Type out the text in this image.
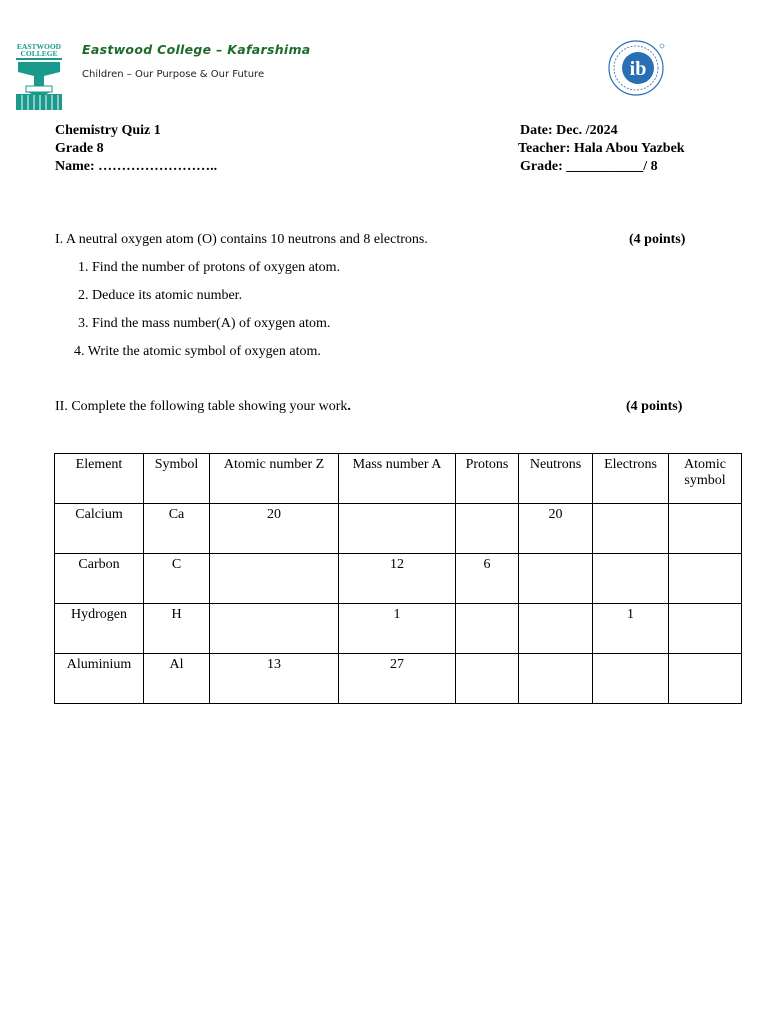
EASTWOOD
COLLEGE Eastwood College – Kafarshima
Children – Our Purpose & Our Future	ib
Chemistry Quiz 1
Grade 8
Name: ……………………..
Date: Dec. /2024
Teacher: Hala Abou Yazbek
Grade: ___________/ 8
I. A neutral oxygen atom (O) contains 10 neutrons and 8 electrons.	(4 points)
1. Find the number of protons of oxygen atom.
2. Deduce its atomic number.
3. Find the mass number(A) of oxygen atom.
4. Write the atomic symbol of oxygen atom.
II. Complete the following table showing your work.	(4 points)
Element	Symbol	Atomic number Z	Mass number A	Protons	Neutrons	Electrons	Atomic symbol
Calcium	Ca	20			20		
Carbon	C		12	6			
Hydrogen	H		1			1	
Aluminium	Al	13	27				
